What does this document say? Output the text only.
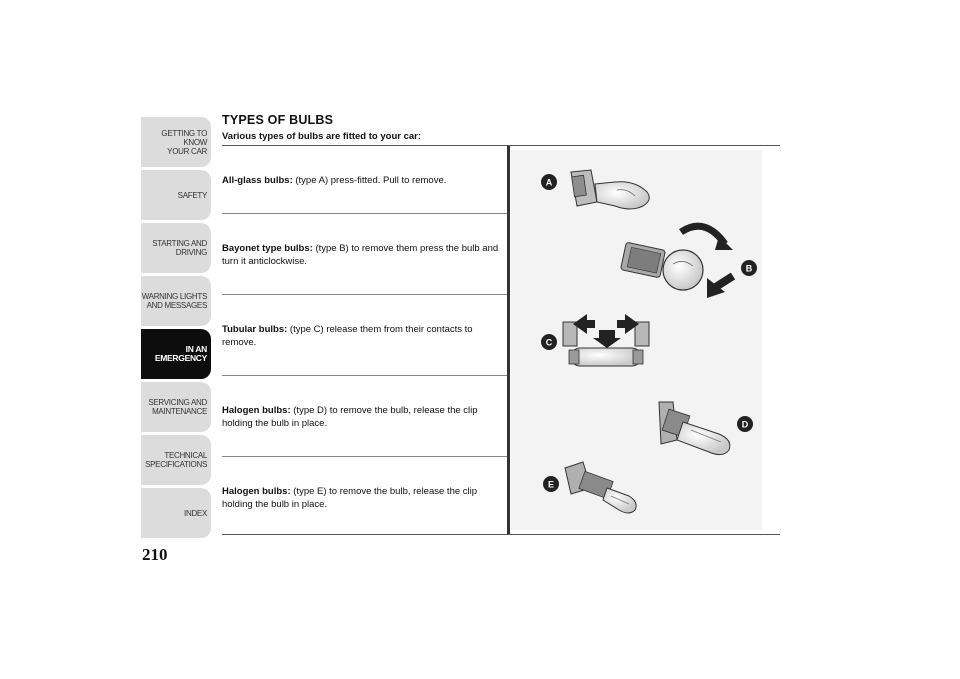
GETTING TO KNOW
YOUR CAR
SAFETY
STARTING AND
DRIVING
WARNING LIGHTS
AND MESSAGES
IN AN
EMERGENCY
SERVICING AND
MAINTENANCE
TECHNICAL
SPECIFICATIONS
INDEX
210
TYPES OF BULBS
Various types of bulbs are fitted to your car:

All-glass bulbs: (type A) press-fitted. Pull to remove.

Bayonet type bulbs: (type B) to remove them press the bulb and turn it anticlockwise.

Tubular bulbs: (type C) release them from their contacts to remove.

Halogen bulbs: (type D) to remove the bulb, release the clip holding the bulb in place.

Halogen bulbs: (type E) to remove the bulb, release the clip holding the bulb in place.

A
B
C
D
E
